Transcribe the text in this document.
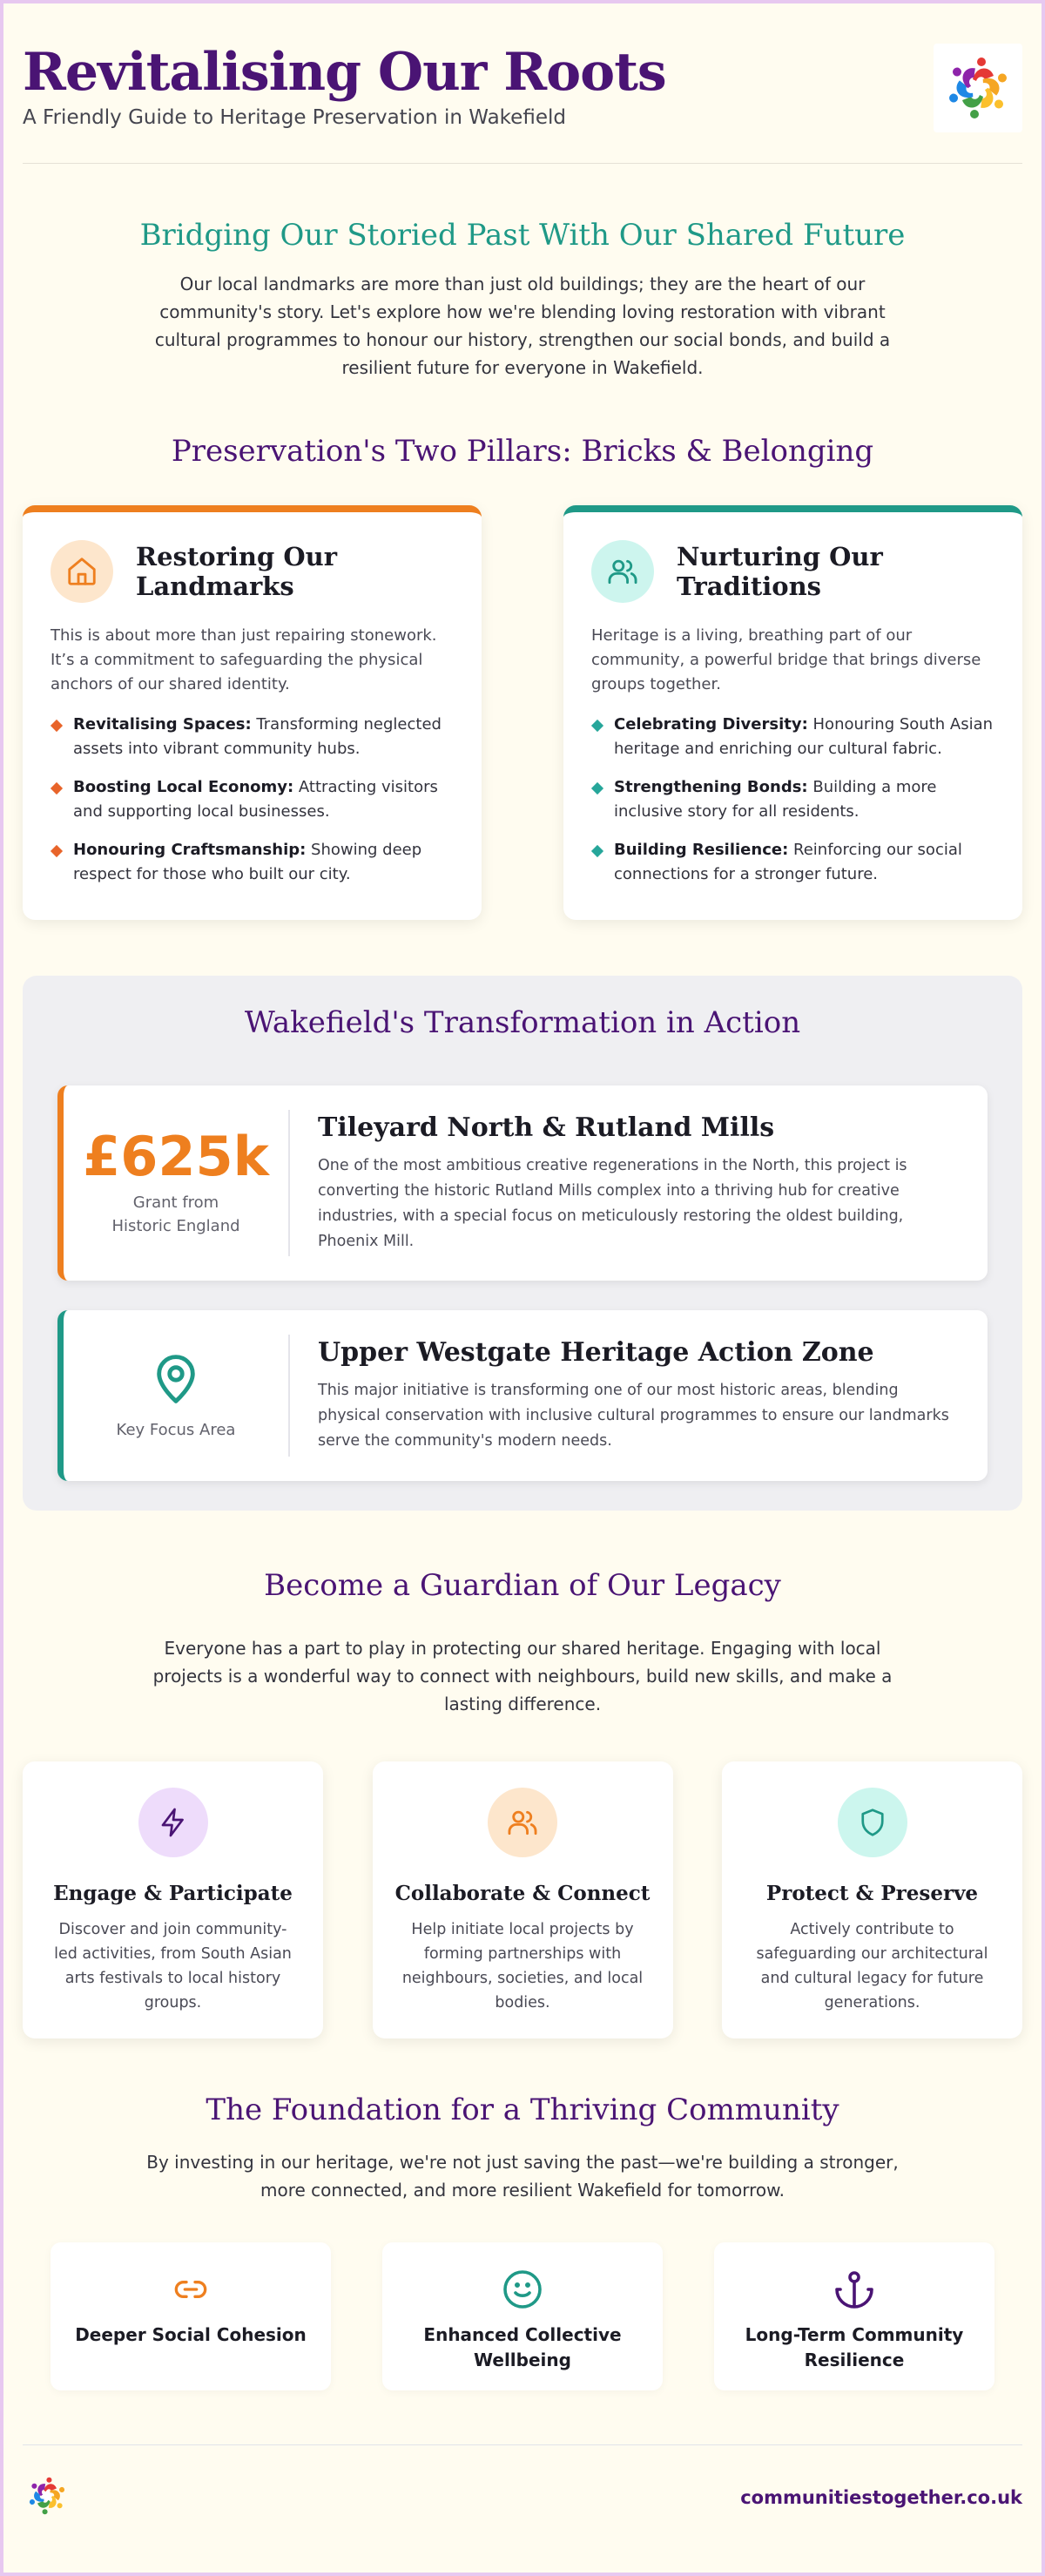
Revitalising Our Roots
A Friendly Guide to Heritage Preservation in Wakefield
Bridging Our Storied Past With Our Shared Future

Our local landmarks are more than just old buildings; they are the heart of our community's story. Let's explore how we're blending loving restoration with vibrant cultural programmes to honour our history, strengthen our social bonds, and build a resilient future for everyone in Wakefield.

Preservation's Two Pillars: Bricks & Belonging
Restoring Our Landmarks

This is about more than just repairing stonework. It’s a commitment to safeguarding the physical anchors of our shared identity.

Revitalising Spaces: Transforming neglected assets into vibrant community hubs.
Boosting Local Economy: Attracting visitors and supporting local businesses.
Honouring Craftsmanship: Showing deep respect for those who built our city.
Nurturing Our Traditions

Heritage is a living, breathing part of our community, a powerful bridge that brings diverse groups together.

Celebrating Diversity: Honouring South Asian heritage and enriching our cultural fabric.
Strengthening Bonds: Building a more inclusive story for all residents.
Building Resilience: Reinforcing our social connections for a stronger future.
Wakefield's Transformation in Action
£625k
Grant from Historic England
Tileyard North & Rutland Mills

One of the most ambitious creative regenerations in the North, this project is converting the historic Rutland Mills complex into a thriving hub for creative industries, with a special focus on meticulously restoring the oldest building, Phoenix Mill.

Key Focus Area
Upper Westgate Heritage Action Zone

This major initiative is transforming one of our most historic areas, blending physical conservation with inclusive cultural programmes to ensure our landmarks serve the community's modern needs.

Become a Guardian of Our Legacy

Everyone has a part to play in protecting our shared heritage. Engaging with local projects is a wonderful way to connect with neighbours, build new skills, and make a lasting difference.

Engage & Participate

Discover and join community-led activities, from South Asian arts festivals to local history groups.

Collaborate & Connect

Help initiate local projects by forming partnerships with neighbours, societies, and local bodies.

Protect & Preserve

Actively contribute to safeguarding our architectural and cultural legacy for future generations.

The Foundation for a Thriving Community

By investing in our heritage, we're not just saving the past—we're building a stronger, more connected, and more resilient Wakefield for tomorrow.

Deeper Social Cohesion	Enhanced Collective Wellbeing
Long-Term Community Resilience
communitiestogether.co.uk
